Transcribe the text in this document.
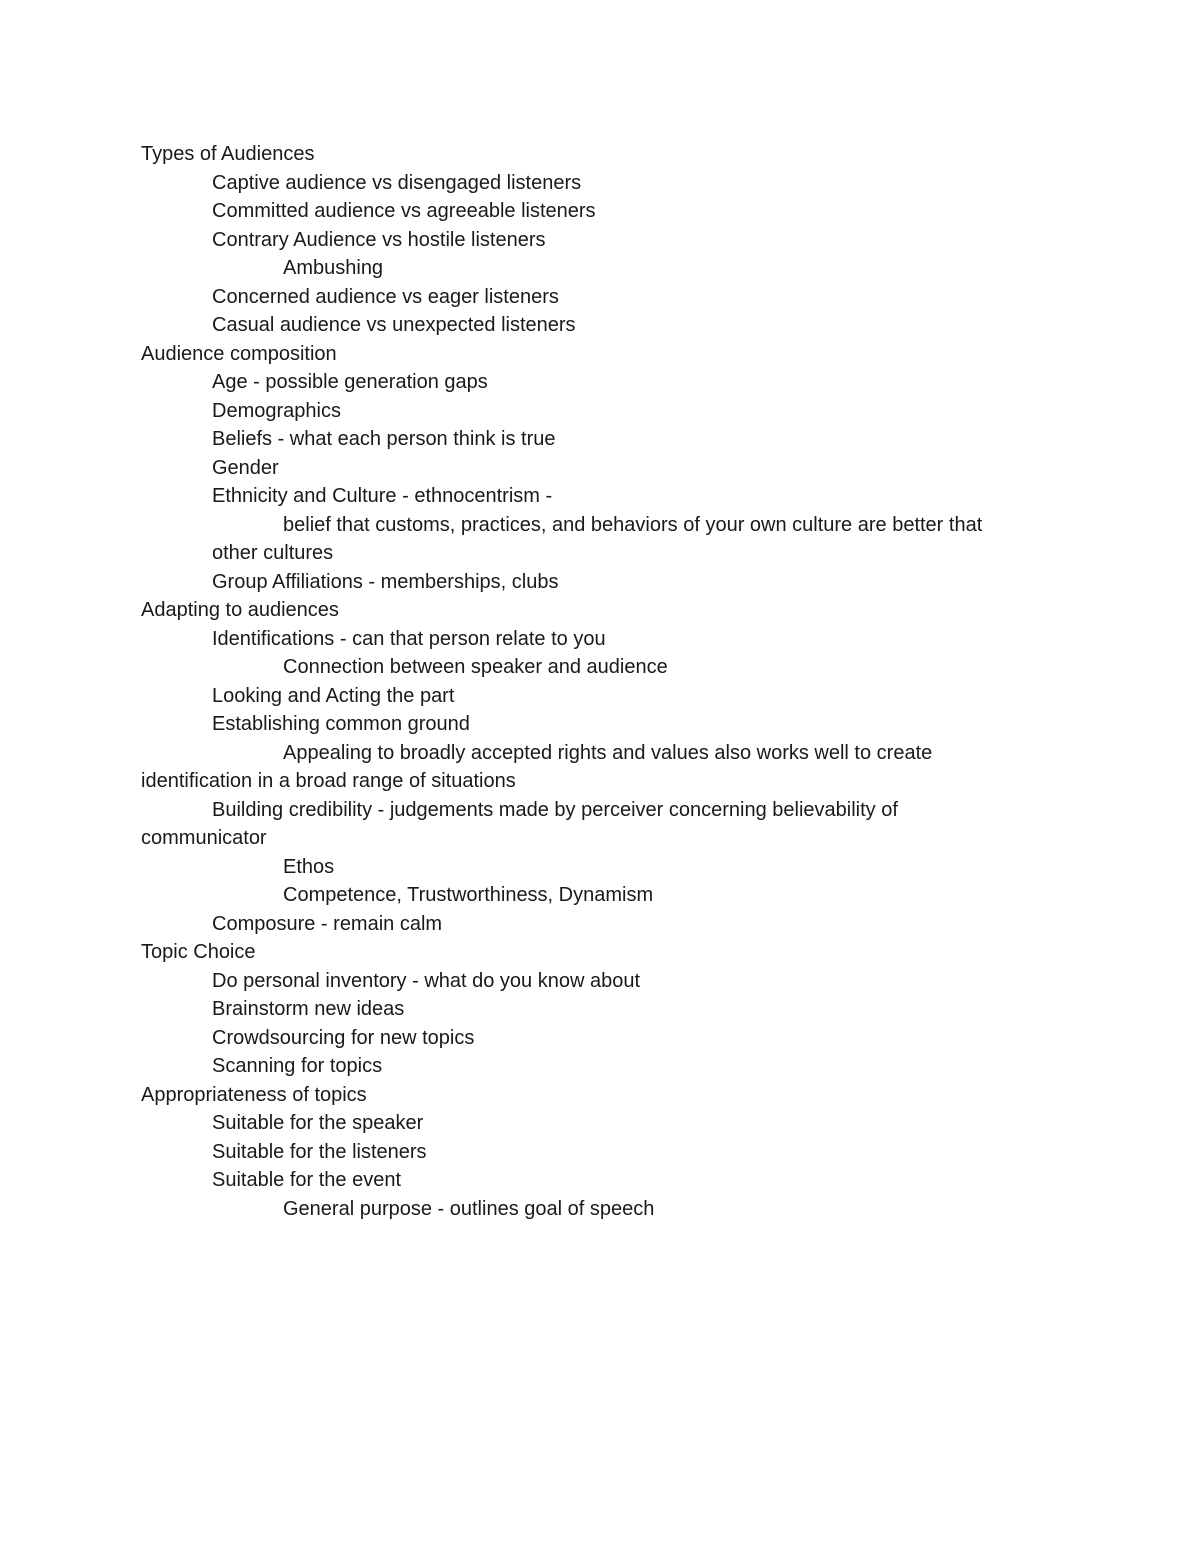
Types of Audiences
Captive audience vs disengaged listeners
Committed audience vs agreeable listeners
Contrary Audience vs hostile listeners
Ambushing
Concerned audience vs eager listeners
Casual audience vs unexpected listeners
Audience composition
Age - possible generation gaps
Demographics
Beliefs - what each person think is true
Gender
Ethnicity and Culture - ethnocentrism -
belief that customs, practices, and behaviors of your own culture are better that
other cultures
Group Affiliations - memberships, clubs
Adapting to audiences
Identifications - can that person relate to you
Connection between speaker and audience
Looking and Acting the part
Establishing common ground
Appealing to broadly accepted rights and values also works well to create
identification in a broad range of situations
Building credibility - judgements made by perceiver concerning believability of
communicator
Ethos
Competence, Trustworthiness, Dynamism
Composure - remain calm
Topic Choice
Do personal inventory - what do you know about
Brainstorm new ideas
Crowdsourcing for new topics
Scanning for topics
Appropriateness of topics
Suitable for the speaker
Suitable for the listeners
Suitable for the event
General purpose - outlines goal of speech
